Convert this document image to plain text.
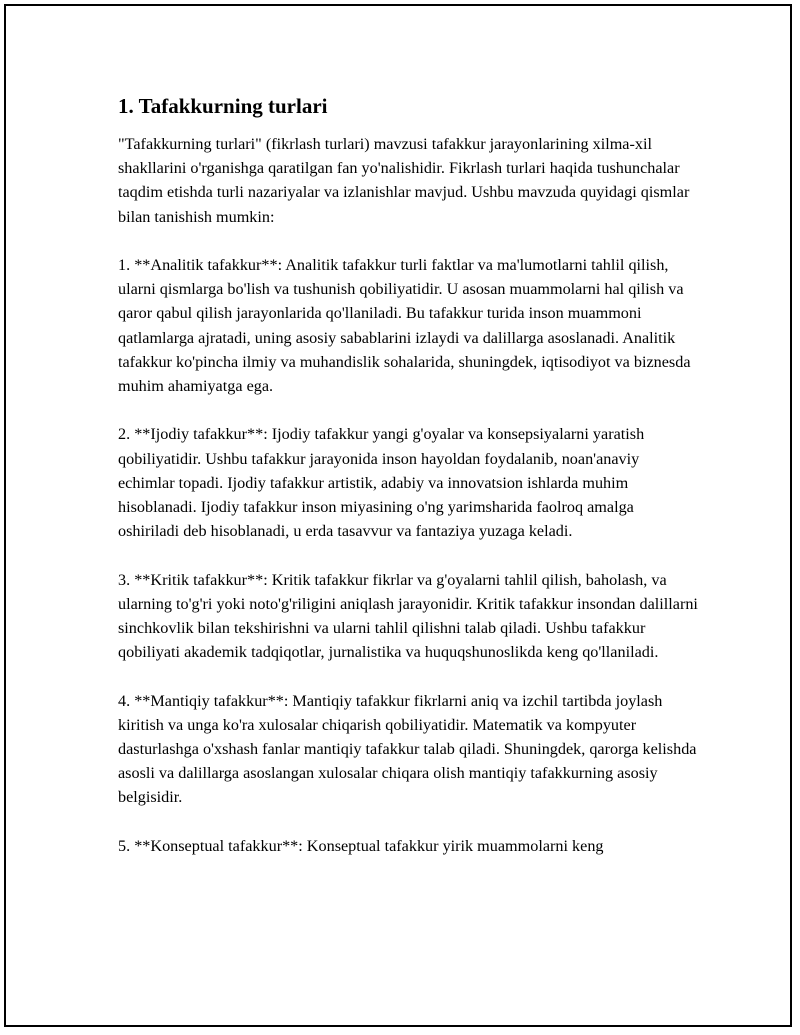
1. Tafakkurning turlari

"Tafakkurning turlari" (fikrlash turlari) mavzusi tafakkur jarayonlarining xilma-xil shakllarini o'rganishga qaratilgan fan yo'nalishidir. Fikrlash turlari haqida tushunchalar taqdim etishda turli nazariyalar va izlanishlar mavjud. Ushbu mavzuda quyidagi qismlar bilan tanishish mumkin:

1. **Analitik tafakkur**: Analitik tafakkur turli faktlar va ma'lumotlarni tahlil qilish, ularni qismlarga bo'lish va tushunish qobiliyatidir. U asosan muammolarni hal qilish va qaror qabul qilish jarayonlarida qo'llaniladi. Bu tafakkur turida inson muammoni qatlamlarga ajratadi, uning asosiy sabablarini izlaydi va dalillarga asoslanadi. Analitik tafakkur ko'pincha ilmiy va muhandislik sohalarida, shuningdek, iqtisodiyot va biznesda muhim ahamiyatga ega.

2. **Ijodiy tafakkur**: Ijodiy tafakkur yangi g'oyalar va konsepsiyalarni yaratish qobiliyatidir. Ushbu tafakkur jarayonida inson hayoldan foydalanib, noan'anaviy echimlar topadi. Ijodiy tafakkur artistik, adabiy va innovatsion ishlarda muhim hisoblanadi. Ijodiy tafakkur inson miyasining o'ng yarimsharida faolroq amalga oshiriladi deb hisoblanadi, u erda tasavvur va fantaziya yuzaga keladi.

3. **Kritik tafakkur**: Kritik tafakkur fikrlar va g'oyalarni tahlil qilish, baholash, va ularning to'g'ri yoki noto'g'riligini aniqlash jarayonidir. Kritik tafakkur insondan dalillarni sinchkovlik bilan tekshirishni va ularni tahlil qilishni talab qiladi. Ushbu tafakkur qobiliyati akademik tadqiqotlar, jurnalistika va huquqshunoslikda keng qo'llaniladi.

4. **Mantiqiy tafakkur**: Mantiqiy tafakkur fikrlarni aniq va izchil tartibda joylash kiritish va unga ko'ra xulosalar chiqarish qobiliyatidir. Matematik va kompyuter dasturlashga o'xshash fanlar mantiqiy tafakkur talab qiladi. Shuningdek, qarorga kelishda asosli va dalillarga asoslangan xulosalar chiqara olish mantiqiy tafakkurning asosiy belgisidir.

5. **Konseptual tafakkur**: Konseptual tafakkur yirik muammolarni keng
